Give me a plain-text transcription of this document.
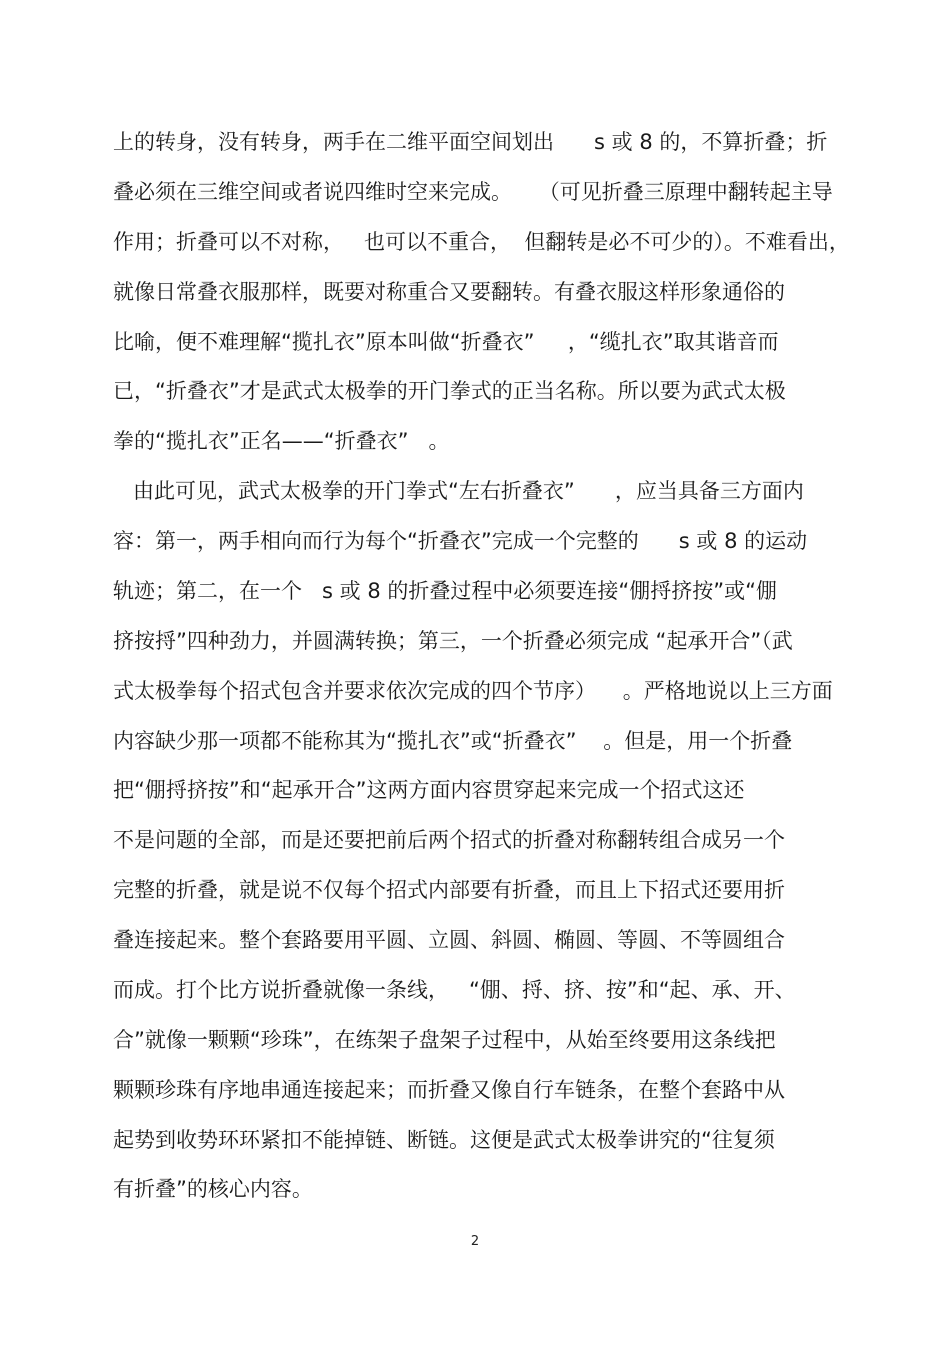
上的转身，没有转身，两手在二维平面空间划出      s 或 8 的，不算折叠；折
叠必须在三维空间或者说四维时空来完成。    （可见折叠三原理中翻转起主导
作用；折叠可以不对称，   也可以不重合，  但翻转是必不可少的）。不难看出，
就像日常叠衣服那样，既要对称重合又要翻转。有叠衣服这样形象通俗的
比喻，便不难理解“揽扎衣”原本叫做“折叠衣”     ，“缆扎衣”取其谐音而
已，“折叠衣”才是武式太极拳的开门拳式的正当名称。所以要为武式太极
拳的“揽扎衣”正名——“折叠衣”   。
由此可见，武式太极拳的开门拳式“左右折叠衣”      ，应当具备三方面内
容：第一，两手相向而行为每个“折叠衣”完成一个完整的      s 或 8 的运动
轨迹；第二，在一个   s 或 8 的折叠过程中必须要连接“倗捋挤按”或“倗
挤按捋”四种劲力，并圆满转换；第三，一个折叠必须完成 “起承开合”（武
式太极拳每个招式包含并要求依次完成的四个节序）    。严格地说以上三方面
内容缺少那一项都不能称其为“揽扎衣”或“折叠衣”    。但是，用一个折叠
把“倗捋挤按”和“起承开合”这两方面内容贯穿起来完成一个招式这还
不是问题的全部，而是还要把前后两个招式的折叠对称翻转组合成另一个
完整的折叠，就是说不仅每个招式内部要有折叠，而且上下招式还要用折
叠连接起来。整个套路要用平圆、立圆、斜圆、椭圆、等圆、不等圆组合
而成。打个比方说折叠就像一条线，   “倗、捋、挤、按”和“起、承、开、
合”就像一颗颗“珍珠”，在练架子盘架子过程中，从始至终要用这条线把
颗颗珍珠有序地串通连接起来；而折叠又像自行车链条，在整个套路中从
起势到收势环环紧扣不能掉链、断链。这便是武式太极拳讲究的“往复须
有折叠”的核心内容。
2
